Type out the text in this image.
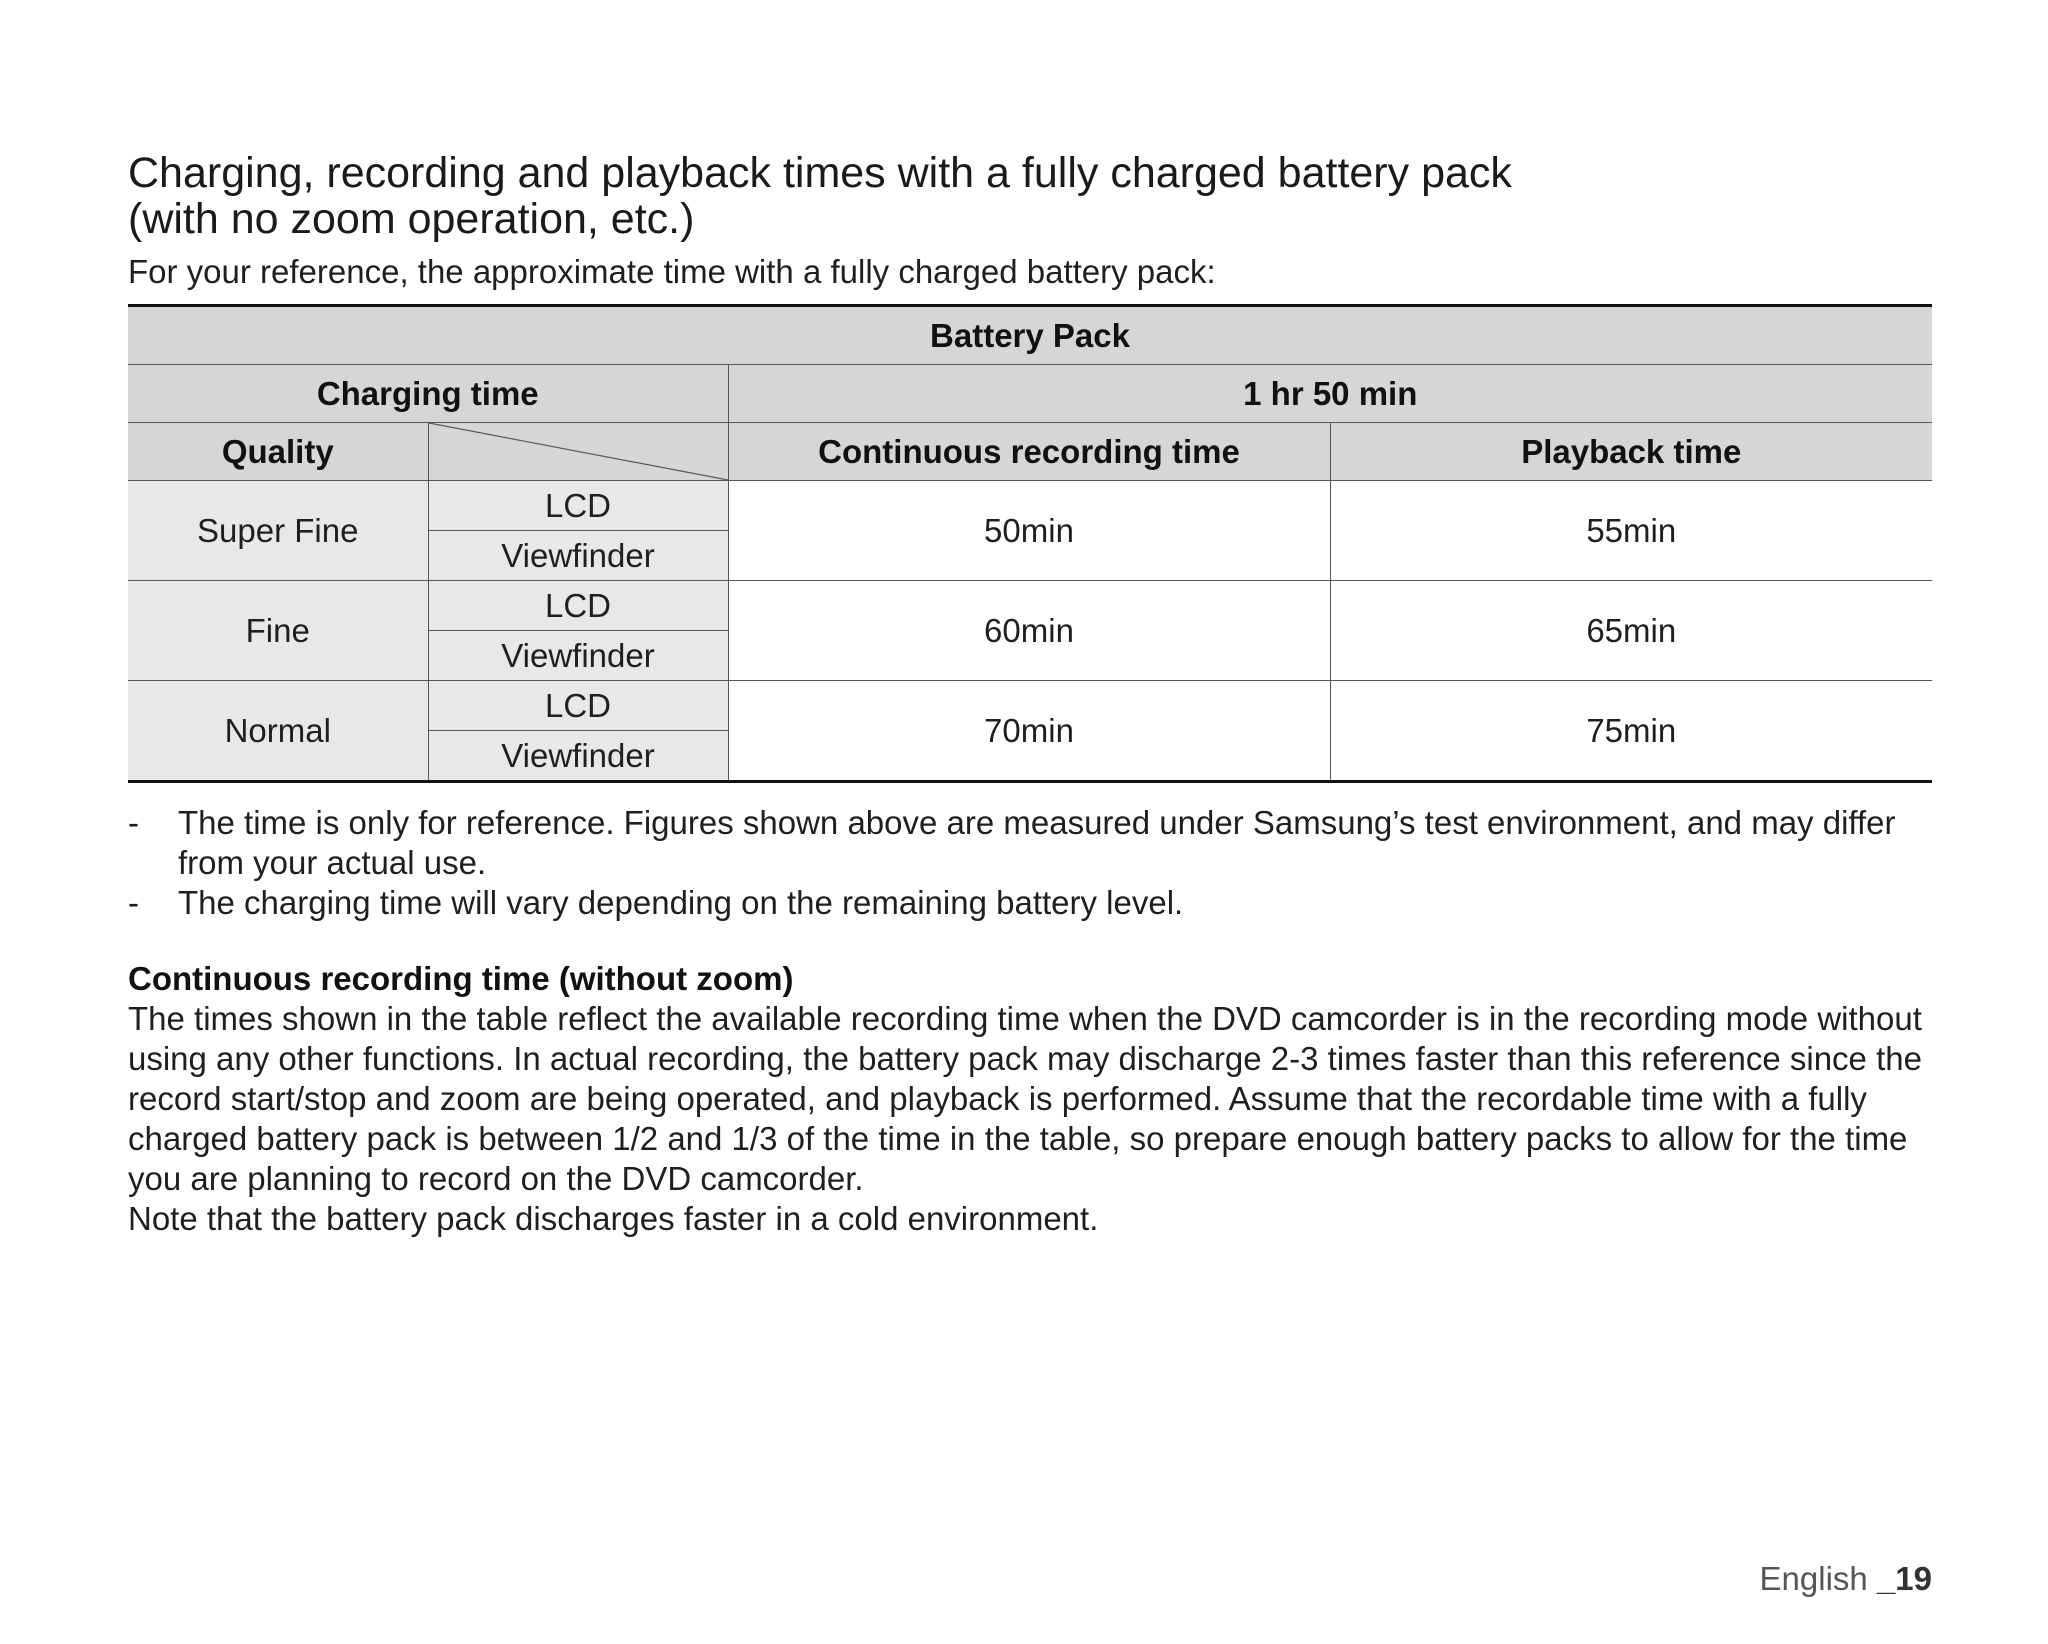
Charging, recording and playback times with a fully charged battery pack
(with no zoom operation, etc.)

For your reference, the approximate time with a fully charged battery pack:

Battery Pack			
Charging time		1 hr 50 min	
Quality		Continuous recording time	Playback time
Super Fine	LCD	50min	55min
	Viewfinder		
Fine	LCD	60min	65min
	Viewfinder		
Normal	LCD	70min	75min
	Viewfinder		
- The time is only for reference. Figures shown above are measured under Samsung’s test environment, and may differ from your actual use.
- The charging time will vary depending on the remaining battery level.
Continuous recording time (without zoom)

The times shown in the table reflect the available recording time when the DVD camcorder is in the recording mode without using any other functions. In actual recording, the battery pack may discharge 2-3 times faster than this reference since the record start/stop and zoom are being operated, and playback is performed. Assume that the recordable time with a fully charged battery pack is between 1/2 and 1/3 of the time in the table, so prepare enough battery packs to allow for the time you are planning to record on the DVD camcorder.

Note that the battery pack discharges faster in a cold environment.

English _19
